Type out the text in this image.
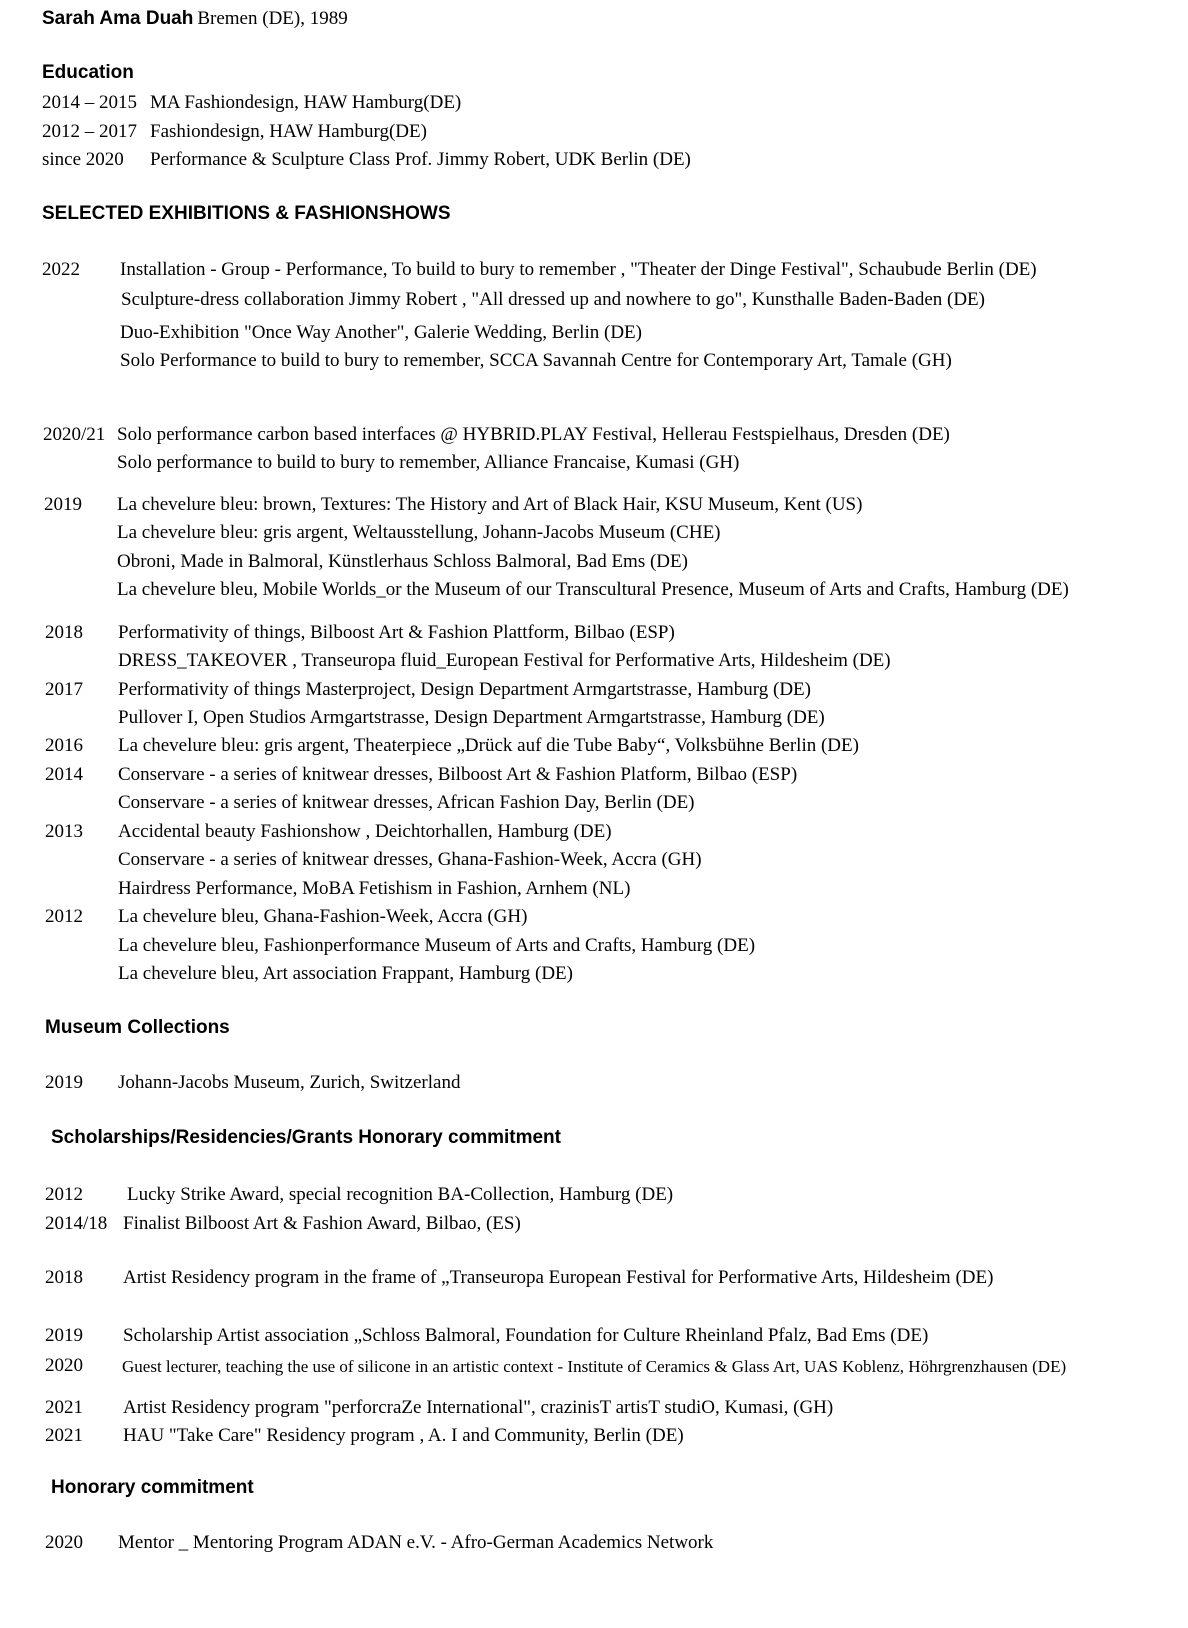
Sarah Ama Duah Bremen (DE), 1989
Education
2014 – 2015 MA Fashiondesign, HAW Hamburg(DE)
2012 – 2017 Fashiondesign, HAW Hamburg(DE)
since 2020 Performance & Sculpture Class Prof. Jimmy Robert, UDK Berlin (DE)
SELECTED EXHIBITIONS & FASHIONSHOWS
2022 Installation - Group - Performance, To build to bury to remember , "Theater der Dinge Festival", Schaubude Berlin (DE)
Sculpture-dress collaboration Jimmy Robert , "All dressed up and nowhere to go", Kunsthalle Baden-Baden (DE)
Duo-Exhibition "Once Way Another", Galerie Wedding, Berlin (DE)
Solo Performance to build to bury to remember, SCCA Savannah Centre for Contemporary Art, Tamale (GH)
2020/21 Solo performance carbon based interfaces @ HYBRID.PLAY Festival, Hellerau Festspielhaus, Dresden (DE)
Solo performance to build to bury to remember, Alliance Francaise, Kumasi (GH)
2019 La chevelure bleu: brown, Textures: The History and Art of Black Hair, KSU Museum, Kent (US)
La chevelure bleu: gris argent, Weltausstellung, Johann-Jacobs Museum (CHE)
Obroni, Made in Balmoral, Künstlerhaus Schloss Balmoral, Bad Ems (DE)
La chevelure bleu, Mobile Worlds_or the Museum of our Transcultural Presence, Museum of Arts and Crafts, Hamburg (DE)
2018 Performativity of things, Bilboost Art & Fashion Plattform, Bilbao (ESP)
DRESS_TAKEOVER , Transeuropa fluid_European Festival for Performative Arts, Hildesheim (DE)
2017 Performativity of things Masterproject, Design Department Armgartstrasse, Hamburg (DE)
Pullover I, Open Studios Armgartstrasse, Design Department Armgartstrasse, Hamburg (DE)
2016 La chevelure bleu: gris argent, Theaterpiece „Drück auf die Tube Baby“, Volksbühne Berlin (DE)
2014 Conservare - a series of knitwear dresses, Bilboost Art & Fashion Platform, Bilbao (ESP)
Conservare - a series of knitwear dresses, African Fashion Day, Berlin (DE)
2013 Accidental beauty Fashionshow , Deichtorhallen, Hamburg (DE)
Conservare - a series of knitwear dresses, Ghana-Fashion-Week, Accra (GH)
Hairdress Performance, MoBA Fetishism in Fashion, Arnhem (NL)
2012 La chevelure bleu, Ghana-Fashion-Week, Accra (GH)
La chevelure bleu, Fashionperformance Museum of Arts and Crafts, Hamburg (DE)
La chevelure bleu, Art association Frappant, Hamburg (DE)
Museum Collections
2019 Johann-Jacobs Museum, Zurich, Switzerland
Scholarships/Residencies/Grants Honorary commitment
2012 Lucky Strike Award, special recognition BA-Collection, Hamburg (DE)
2014/18 Finalist Bilboost Art & Fashion Award, Bilbao, (ES)
2018 Artist Residency program in the frame of „Transeuropa European Festival for Performative Arts, Hildesheim (DE)
2019 Scholarship Artist association „Schloss Balmoral, Foundation for Culture Rheinland Pfalz, Bad Ems (DE)
2020 Guest lecturer, teaching the use of silicone in an artistic context - Institute of Ceramics & Glass Art, UAS Koblenz, Höhrgrenzhausen (DE)
2021 Artist Residency program "perforcraZe International", crazinisT artisT studiO, Kumasi, (GH)
2021 HAU "Take Care" Residency program , A. I and Community, Berlin (DE)
Honorary commitment
2020 Mentor _ Mentoring Program ADAN e.V. - Afro-German Academics Network
